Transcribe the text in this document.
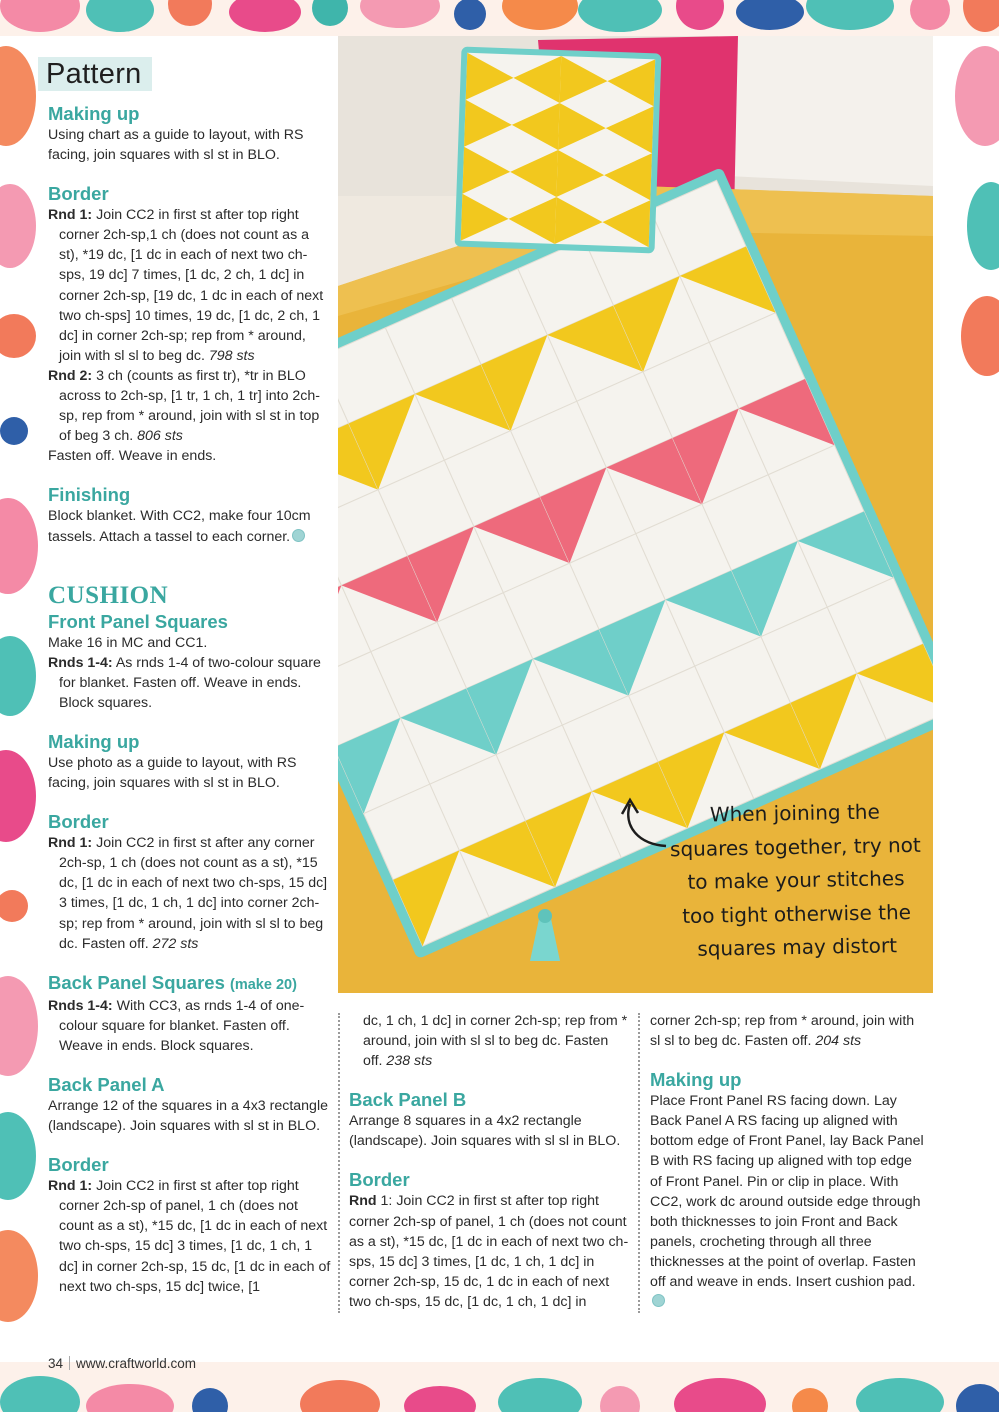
Pattern

Making up

Using chart as a guide to layout, with RS facing, join squares with sl st in BLO.

Border

Rnd 1: Join CC2 in first st after top right corner 2ch-sp,1 ch (does not count as a st), *19 dc, [1 dc in each of next two ch-sps, 19 dc] 7 times, [1 dc, 2 ch, 1 dc] in corner 2ch-sp, [19 dc, 1 dc in each of next two ch-sps] 10 times, 19 dc, [1 dc, 2 ch, 1 dc] in corner 2ch-sp; rep from * around, join with sl sl to beg dc. 798 sts

Rnd 2: 3 ch (counts as first tr), *tr in BLO across to 2ch-sp, [1 tr, 1 ch, 1 tr] into 2ch-sp, rep from * around, join with sl st in top of beg 3 ch. 806 sts

Fasten off. Weave in ends.

Finishing

Block blanket. With CC2, make four 10cm tassels. Attach a tassel to each corner.

CUSHION

Front Panel Squares

Make 16 in MC and CC1.

Rnds 1-4: As rnds 1-4 of two-colour square for blanket. Fasten off. Weave in ends. Block squares.

Making up

Use photo as a guide to layout, with RS facing, join squares with sl st in BLO.

Border

Rnd 1: Join CC2 in first st after any corner 2ch-sp, 1 ch (does not count as a st), *15 dc, [1 dc in each of next two ch-sps, 15 dc] 3 times, [1 dc, 1 ch, 1 dc] into corner 2ch-sp; rep from * around, join with sl sl to beg dc. Fasten off. 272 sts

Back Panel Squares (make 20)

Rnds 1-4: With CC3, as rnds 1-4 of one-colour square for blanket. Fasten off. Weave in ends. Block squares.

Back Panel A

Arrange 12 of the squares in a 4x3 rectangle (landscape). Join squares with sl st in BLO.

Border

Rnd 1: Join CC2 in first st after top right corner 2ch-sp of panel, 1 ch (does not count as a st), *15 dc, [1 dc in each of next two ch-sps, 15 dc] 3 times, [1 dc, 1 ch, 1 dc] in corner 2ch-sp, 15 dc, [1 dc in each of next two ch-sps, 15 dc] twice, [1

dc, 1 ch, 1 dc] in corner 2ch-sp; rep from * around, join with sl sl to beg dc. Fasten off. 238 sts

Back Panel B

Arrange 8 squares in a 4x2 rectangle (landscape). Join squares with sl sl in BLO.

Border

Rnd 1: Join CC2 in first st after top right corner 2ch-sp of panel, 1 ch (does not count as a st), *15 dc, [1 dc in each of next two ch-sps, 15 dc] 3 times, [1 dc, 1 ch, 1 dc] in corner 2ch-sp, 15 dc, 1 dc in each of next two ch-sps, 15 dc, [1 dc, 1 ch, 1 dc] in

corner 2ch-sp; rep from * around, join with sl sl to beg dc. Fasten off. 204 sts

Making up

Place Front Panel RS facing down. Lay Back Panel A RS facing up aligned with bottom edge of Front Panel, lay Back Panel B with RS facing up aligned with top edge of Front Panel. Pin or clip in place. With CC2, work dc around outside edge through both thicknesses to join Front and Back panels, crocheting through all three thicknesses at the point of overlap. Fasten off and weave in ends. Insert cushion pad.

When joining the
squares together, try not
to make your stitches
too tight otherwise the
squares may distort
34 www.craftworld.com
